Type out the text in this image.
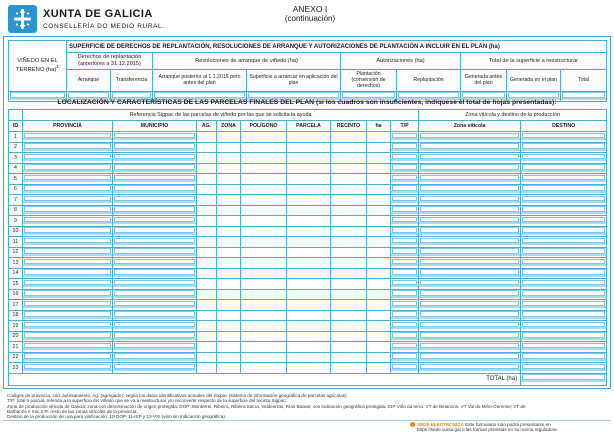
XUNTA DE GALICIA
CONSELLERÍA DO MEDIO RURAL.
ANEXO I
(continuación)
VIÑEDO EN EL TERRENO (ha)$^1$	SUPERFICIE DE DERECHOS DE REPLANTACIÓN, RESOLUCIONES DE ARRANQUE Y AUTORIZACIONES DE PLANTACIÓN A INCLUIR EN EL PLAN (ha)								
	Derechos de replantación (anteriores a 31.12.2015)		Resoluciones de arranque de viñedo (ha)		Autorizaciones (ha)		Total de la superficie a reestructurar		
	Arranque	Transferencia	Arranque posterior al 1.1.2016 pero antes del plan	Superficie a arrancar en aplicación del plan	Plantación (conversión de derechos)	Replantación	Generada antes del plan	Generada en el plan	Total

LOCALIZACIÓN Y CARACTERÍSTICAS DE LAS PARCELAS FINALES DEL PLAN (si los cuadros son insuficientes, indíquese el total de hojas presentadas):
	Referencia Sigpac de las parcelas de viñedo por las que se solicita la ayuda									Zona vitícola y destino de la producción	
ID	PROVINCIA	MUNICIPIO	AG.	ZONA	POLÍGONO	PARCELA	RECINTO	ha	T/P	Zona vitícola	DESTINO
1	

2	

3	

4	

5	

6	

7	

8	

9	

10	

11	

12	

13	

14	

15	

16	

17	

18	

19	

20	

21	

22	

23	

TOTAL (ha)											
Códigos de provincia, cód. ayuntamiento, Ag. (agregado): según los datos identificativos actuales del Sixpac (sistema de información geográfica de parcelas agrícolas)
T/P: total o parcial, referido a la superficie del viñedo que se va a reestructurar y/o reconvertir respecto de la superficie del recinto Sigpac:
Zona de producción vitícola de Galicia: zona con denominación de origen protegida, DOP: Monterrei, Ribeiro, Ribeira Sacra, Valdeorras, Rías Baixas; con indicación geográfica protegida, IGP Viño da terra: VT de Betanzos, VT Val do Miño-Ourense; VT de
Barbanza e Iria; o R: resto de las zonas vitícolas de la provincia.
Destino de la producción de uva para vinificación: 10-DOP, 11-IXP y 12-VSI (vino sin indicación geográfica)
SEDE ELECTRÓNICA Este formulario solo podrá presentarse en
https://sede.xunta.gal o las formas previstas en su norma reguladora
